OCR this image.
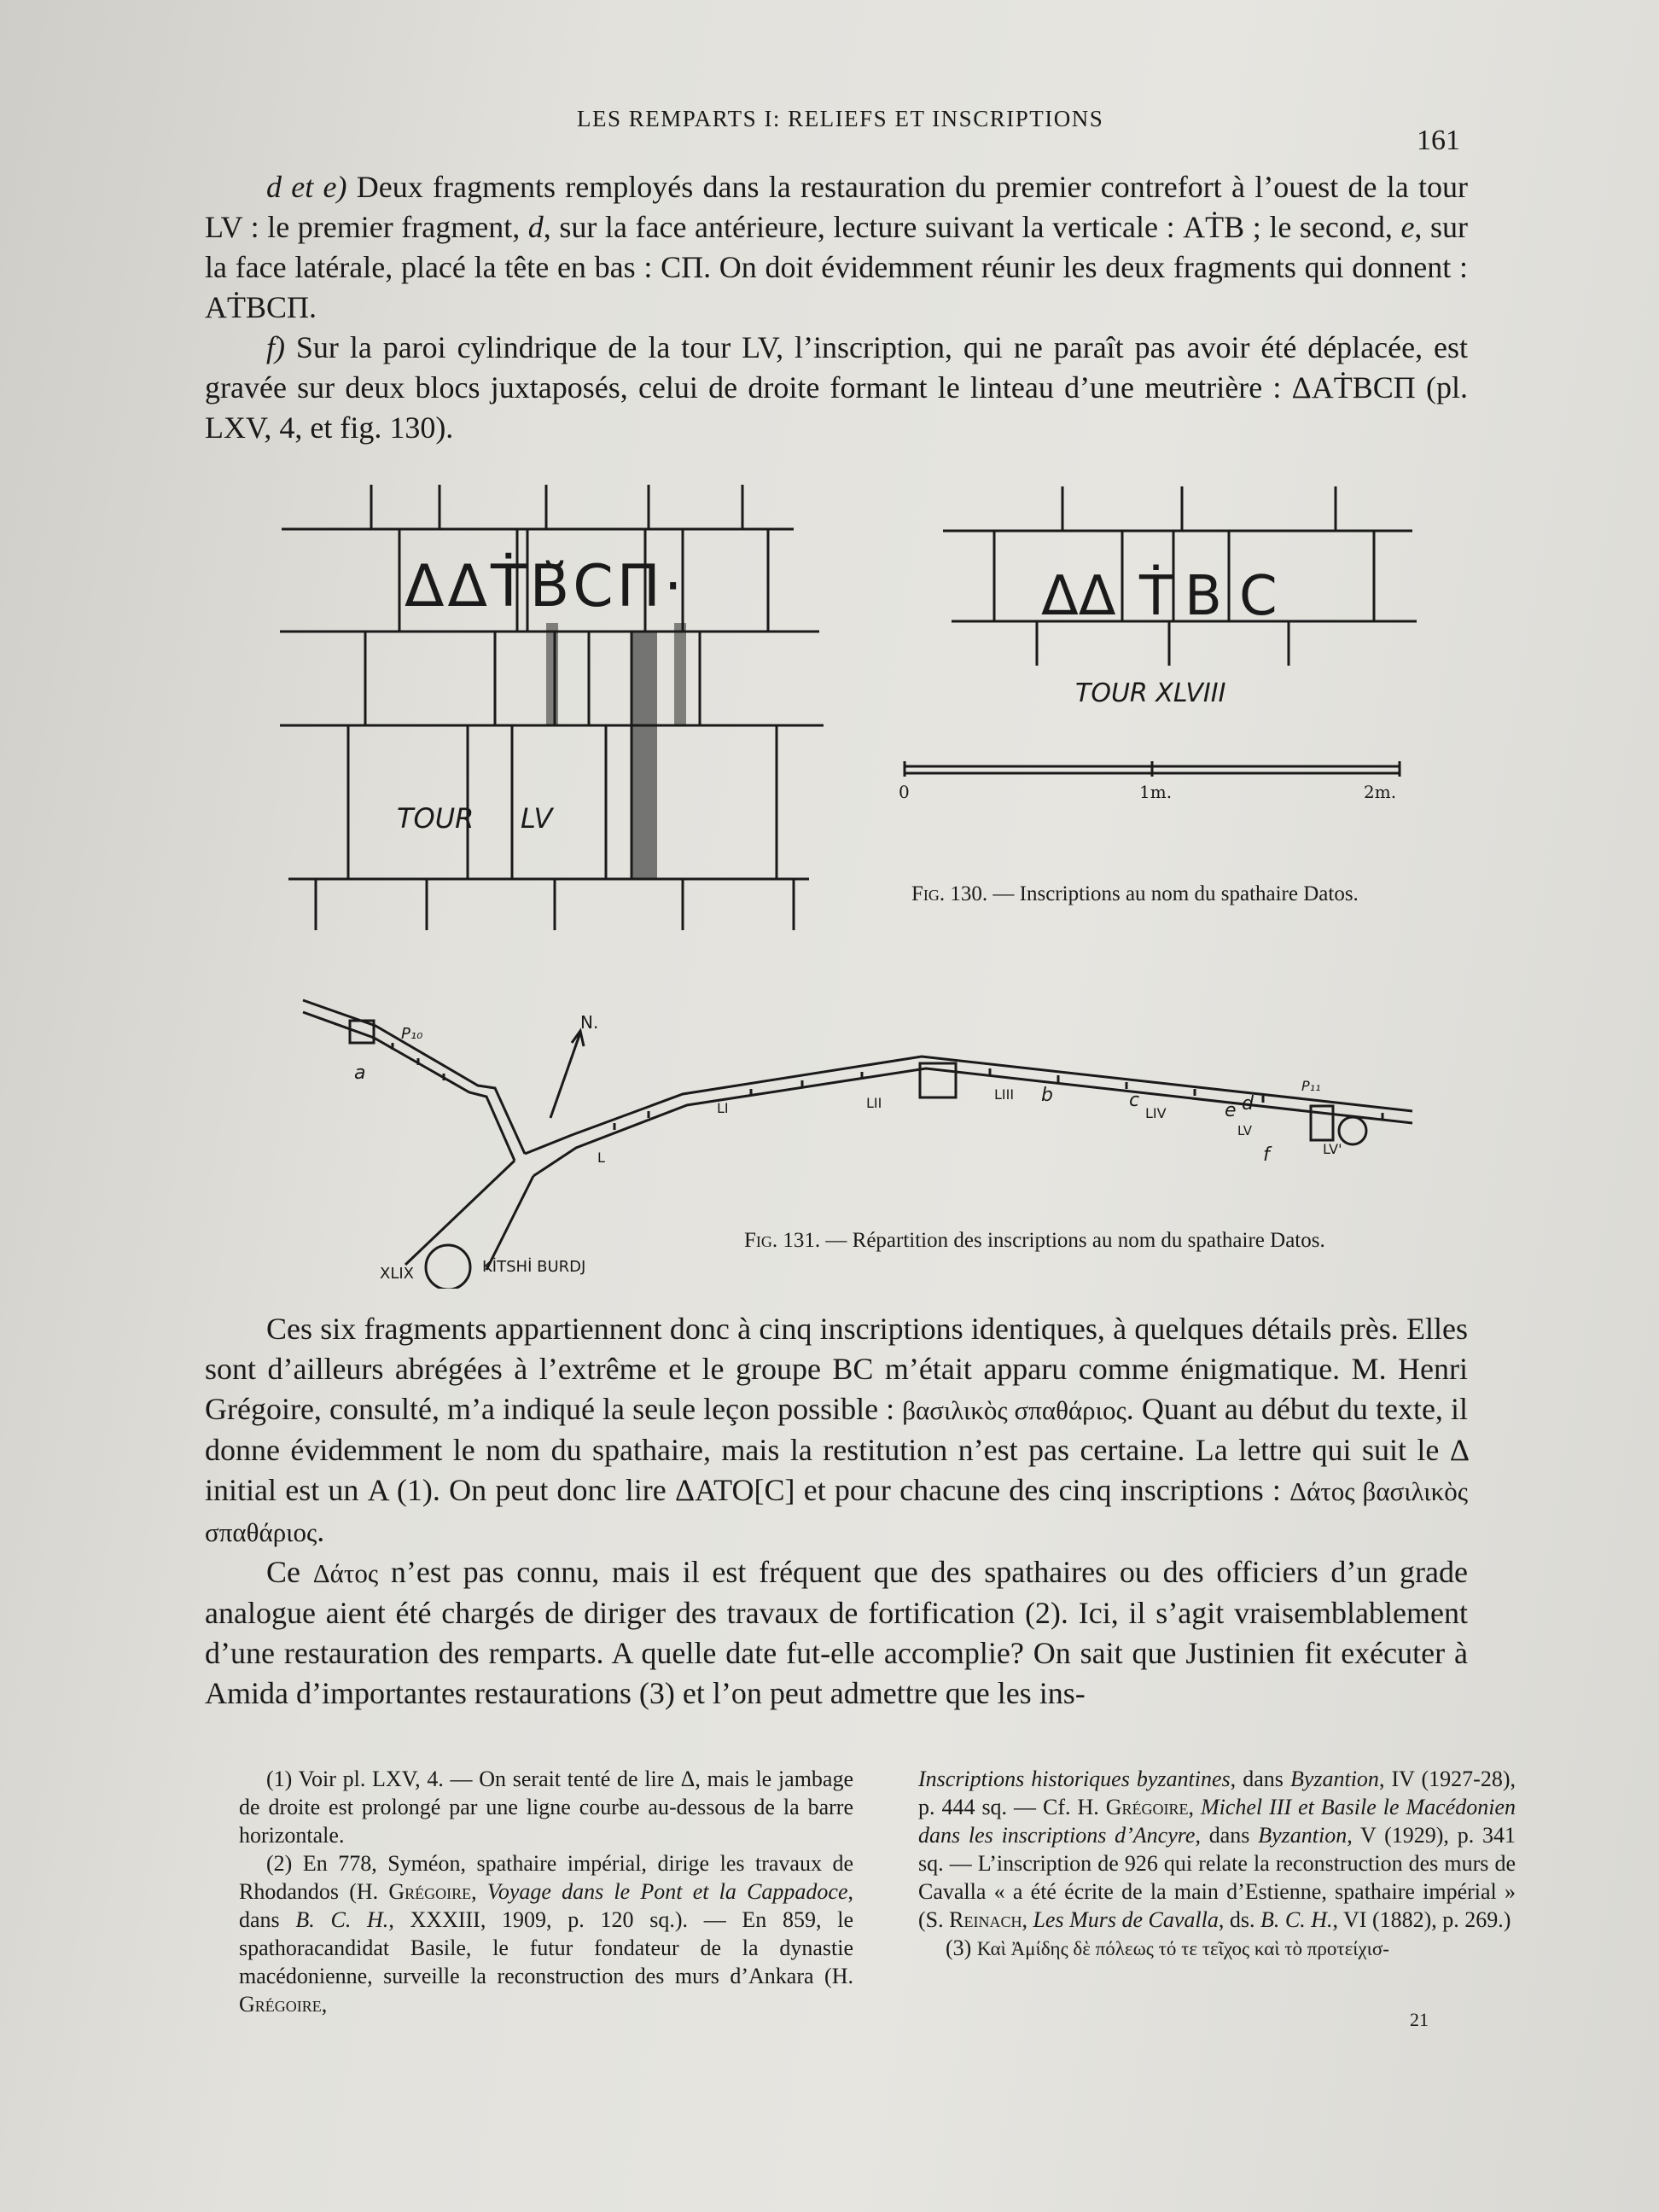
LES REMPARTS I: RELIEFS ET INSCRIPTIONS
161

d et e) Deux fragments remployés dans la restauration du premier contrefort à l’ouest de la tour LV : le premier fragment, d, sur la face antérieure, lecture suivant la verticale : ΑṪΒ ; le second, e, sur la face latérale, placé la tête en bas : CΠ. On doit évidemment réunir les deux fragments qui donnent : ΑṪΒCΠ.

f) Sur la paroi cylindrique de la tour LV, l’inscription, qui ne paraît pas avoir été déplacée, est gravée sur deux blocs juxtaposés, celui de droite formant le linteau d’une meutrière : ΔΑṪΒCΠ (pl. LXV, 4, et fig. 130).

ΔΔṪΒ̆CΠ·
TOUR LV
ΔΔ Ṫ B C
TOUR XLVIII
0	1m.	2m.
Fig. 130. — Inscriptions au nom du spathaire Datos.
N.
P₁₀
a
L
LI	LII
LIII b	c
LIV	e d
LV
f
P₁₁
LV'
XLIX	KİTSHİ BURDJ
Fig. 131. — Répartition des inscriptions au nom du spathaire Datos.

Ces six fragments appartiennent donc à cinq inscriptions identiques, à quelques détails près. Elles sont d’ailleurs abrégées à l’extrême et le groupe BC m’était apparu comme énigmatique. M. Henri Grégoire, consulté, m’a indiqué la seule leçon possible : βασιλικὸς σπαθάριος. Quant au début du texte, il donne évidemment le nom du spathaire, mais la restitution n’est pas certaine. La lettre qui suit le Δ initial est un Α (1). On peut donc lire ΔΑΤΟ[C] et pour chacune des cinq inscriptions : Δάτος βασιλικὸς σπαθάριος.

Ce Δάτος n’est pas connu, mais il est fréquent que des spathaires ou des officiers d’un grade analogue aient été chargés de diriger des travaux de fortification (2). Ici, il s’agit vraisemblablement d’une restauration des remparts. A quelle date fut-elle accomplie? On sait que Justinien fit exécuter à Amida d’importantes restaurations (3) et l’on peut admettre que les ins-

(1) Voir pl. LXV, 4. — On serait tenté de lire Δ, mais le jambage de droite est prolongé par une ligne courbe au-dessous de la barre horizontale.

(2) En 778, Syméon, spathaire impérial, dirige les travaux de Rhodandos (H. Grégoire, Voyage dans le Pont et la Cappadoce, dans B. C. H., XXXIII, 1909, p. 120 sq.). — En 859, le spathoracandidat Basile, le futur fondateur de la dynastie macédonienne, surveille la reconstruction des murs d’Ankara (H. Grégoire,

Inscriptions historiques byzantines, dans Byzantion, IV (1927-28), p. 444 sq. — Cf. H. Grégoire, Michel III et Basile le Macédonien dans les inscriptions d’Ancyre, dans Byzantion, V (1929), p. 341 sq. — L’inscription de 926 qui relate la reconstruction des murs de Cavalla « a été écrite de la main d’Estienne, spathaire impérial » (S. Reinach, Les Murs de Cavalla, ds. B. C. H., VI (1882), p. 269.)

(3) Καὶ Ἀμίδης δὲ πόλεως τό τε τεῖχος καὶ τὸ προτείχισ-

21
